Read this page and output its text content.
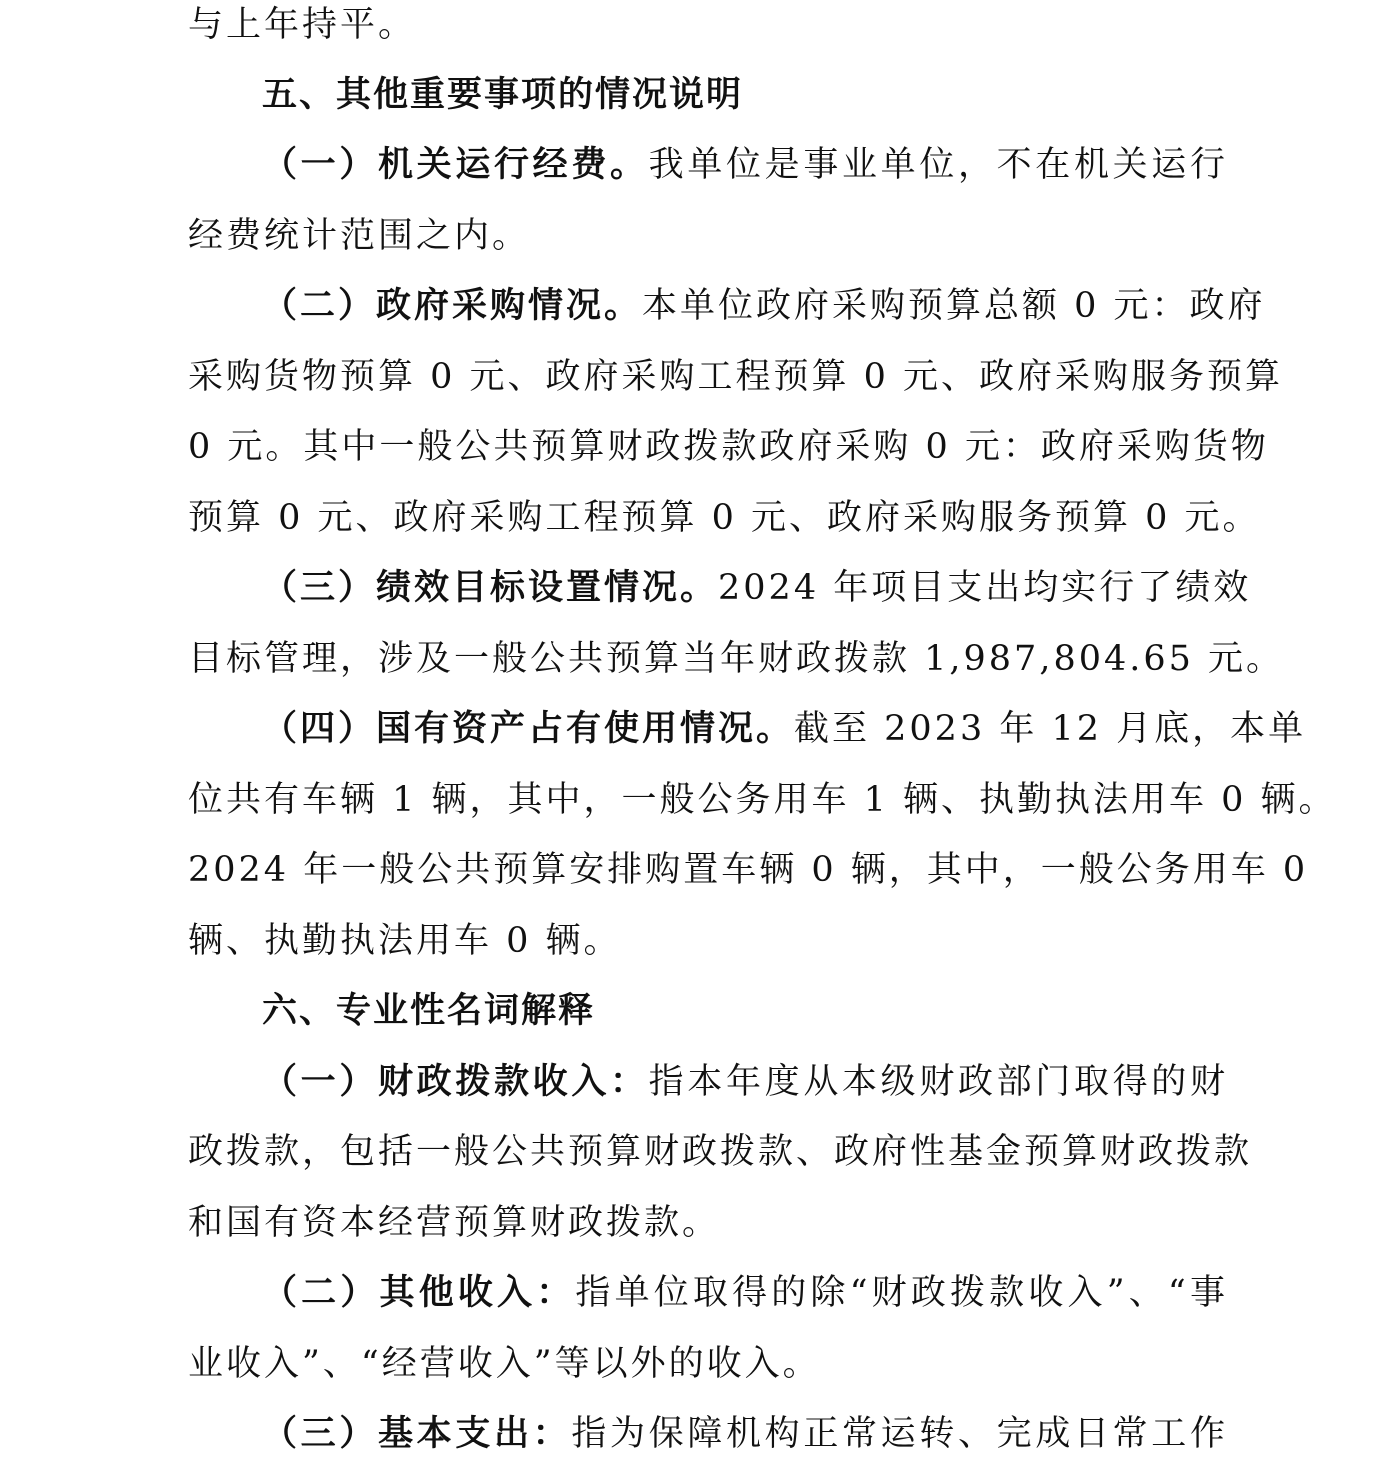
与上年持平。
五、其他重要事项的情况说明
（一）机关运行经费。我单位是事业单位，不在机关运行
经费统计范围之内。
（二）政府采购情况。本单位政府采购预算总额 0 元：政府
采购货物预算 0 元、政府采购工程预算 0 元、政府采购服务预算
0 元。其中一般公共预算财政拨款政府采购 0 元：政府采购货物
预算 0 元、政府采购工程预算 0 元、政府采购服务预算 0 元。
（三）绩效目标设置情况。2024 年项目支出均实行了绩效
目标管理，涉及一般公共预算当年财政拨款 1,987,804.65 元。
（四）国有资产占有使用情况。截至 2023 年 12 月底，本单
位共有车辆 1 辆，其中，一般公务用车 1 辆、执勤执法用车 0 辆。
2024 年一般公共预算安排购置车辆 0 辆，其中，一般公务用车 0
辆、执勤执法用车 0 辆。
六、专业性名词解释
（一）财政拨款收入：指本年度从本级财政部门取得的财
政拨款，包括一般公共预算财政拨款、政府性基金预算财政拨款
和国有资本经营预算财政拨款。
（二）其他收入：指单位取得的除“财政拨款收入”、“事
业收入”、“经营收入”等以外的收入。
（三）基本支出：指为保障机构正常运转、完成日常工作
